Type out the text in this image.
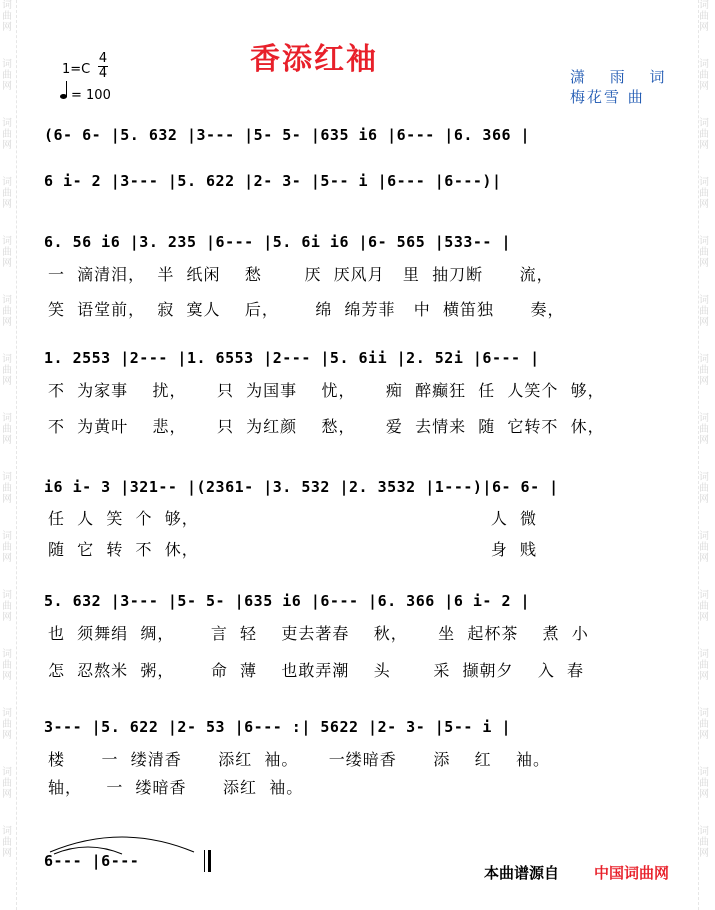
词曲网
词曲网
词曲网
词曲网
词曲网
词曲网
词曲网
词曲网
词曲网
词曲网
词曲网
词曲网
词曲网
词曲网
词曲网
词曲网
词曲网
词曲网
词曲网
词曲网
词曲网
词曲网
词曲网
词曲网
词曲网
词曲网
词曲网
词曲网
词曲网
词曲网
香添红袖
1=C
4
4
= 100
潇 雨 词
梅花雪 曲
(6- 6- |5. 632 |3--- |5- 5- |635 i6 |6--- |6. 366 |
6 i- 2 |3--- |5. 622 |2- 3- |5-- i |6--- |6---)|
6. 56 i6 |3. 235 |6--- |5. 6i i6 |6- 565 |533-- |
一  滴清泪，  半  纸闲    愁       厌  厌风月   里  抽刀断      流，
笑  语堂前，  寂  寞人    后，      绵  绵芳菲   中  横笛独      奏，
1. 2553 |2--- |1. 6553 |2--- |5. 6ii |2. 52i |6--- |
不  为家事    扰，     只  为国事    忧，     痴  醉癫狂  任  人笑个  够，
不  为黄叶    悲，     只  为红颜    愁，     爱  去情来  随  它转不  休，
i6 i- 3 |321-- |(2361- |3. 532 |2. 3532 |1---)|6- 6- |
任  人  笑  个  够，                                                人  微
随  它  转  不  休，                                                身  贱
5. 632 |3--- |5- 5- |635 i6 |6--- |6. 366 |6 i- 2 |
也  须舞绢  绸，      言  轻    吏去著春    秋，     坐  起杯茶    煮  小
怎  忍熬米  粥，      命  薄    也敢弄潮    头       采  撷朝夕    入  春
3--- |5. 622 |2- 53 |6--- :| 5622 |2- 3- |5-- i |
楼      一  缕清香      添红  袖。     一缕暗香      添    红    袖。
轴，    一  缕暗香      添红  袖。
6--- |6---
本曲谱源自 中国词曲网
